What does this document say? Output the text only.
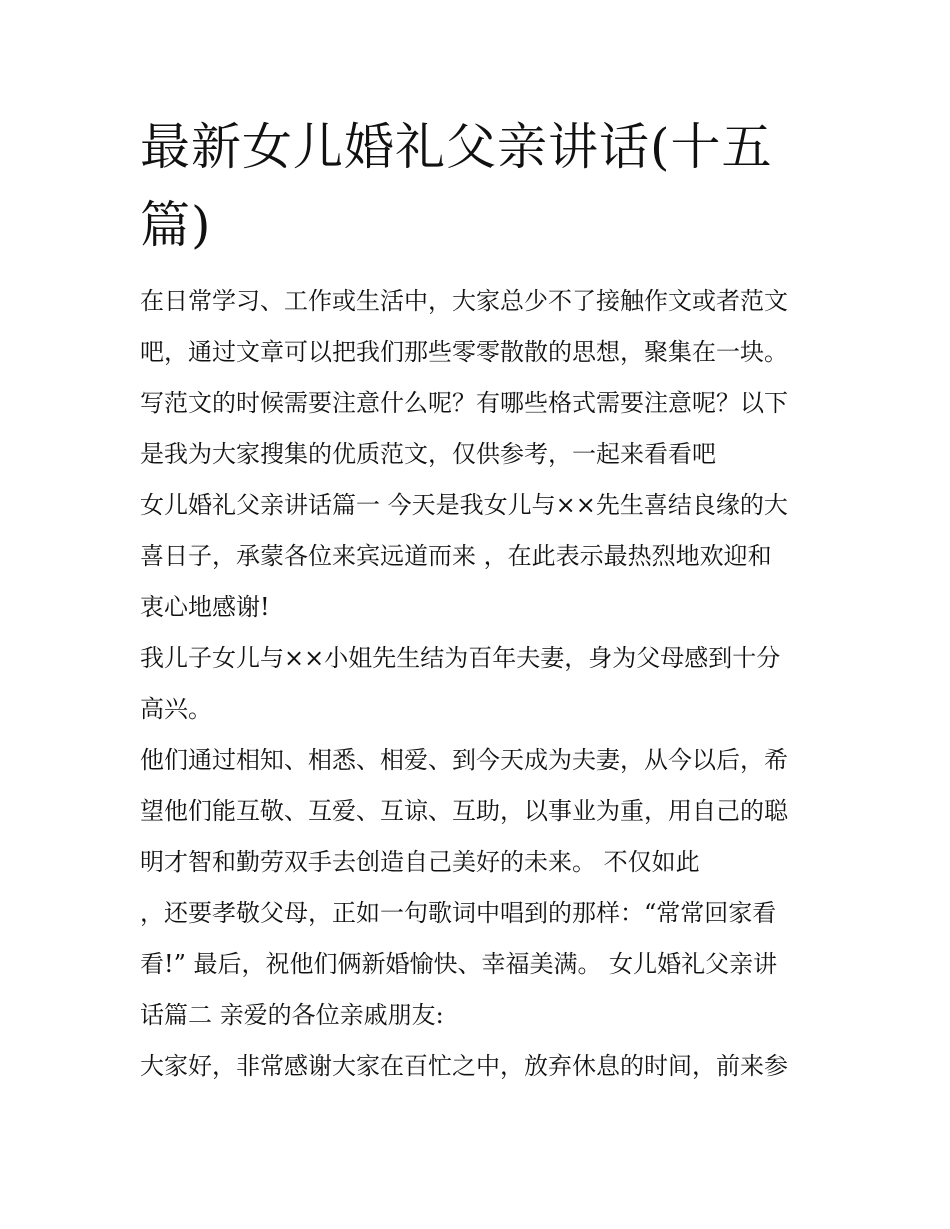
最新女儿婚礼父亲讲话(十五
篇)
在日常学习、工作或生活中，大家总少不了接触作文或者范文
吧，通过文章可以把我们那些零零散散的思想，聚集在一块。
写范文的时候需要注意什么呢？有哪些格式需要注意呢？以下
是我为大家搜集的优质范文，仅供参考，一起来看看吧
女儿婚礼父亲讲话篇一 今天是我女儿与××先生喜结良缘的大
喜日子，承蒙各位来宾远道而来 ，在此表示最热烈地欢迎和
衷心地感谢!
我儿子女儿与××小姐先生结为百年夫妻，身为父母感到十分
高兴。
他们通过相知、相悉、相爱、到今天成为夫妻，从今以后，希
望他们能互敬、互爱、互谅、互助，以事业为重，用自己的聪
明才智和勤劳双手去创造自己美好的未来。 不仅如此
，还要孝敬父母，正如一句歌词中唱到的那样：“常常回家看
看!” 最后，祝他们俩新婚愉快、幸福美满。 女儿婚礼父亲讲
话篇二 亲爱的各位亲戚朋友:
大家好，非常感谢大家在百忙之中，放弃休息的时间，前来参
